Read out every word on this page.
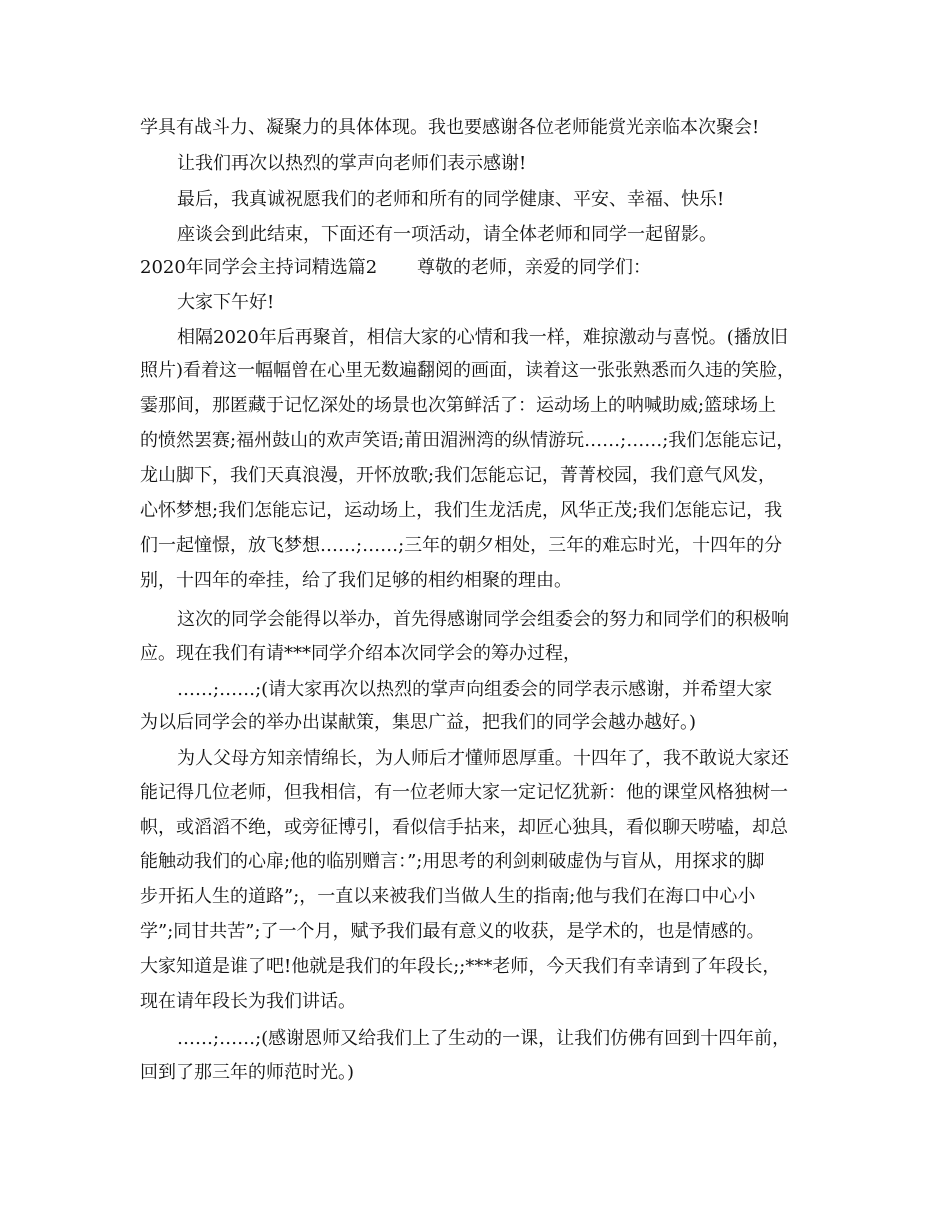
学具有战斗力、凝聚力的具体体现。我也要感谢各位老师能赏光亲临本次聚会!
让我们再次以热烈的掌声向老师们表示感谢!
最后，我真诚祝愿我们的老师和所有的同学健康、平安、幸福、快乐!
座谈会到此结束，下面还有一项活动，请全体老师和同学一起留影。
2020年同学会主持词精选篇2 尊敬的老师，亲爱的同学们：
大家下午好!
相隔2020年后再聚首，相信大家的心情和我一样，难掠激动与喜悦。(播放旧
照片)看着这一幅幅曾在心里无数遍翻阅的画面，读着这一张张熟悉而久违的笑脸，
霎那间，那匿藏于记忆深处的场景也次第鲜活了：运动场上的呐喊助威;篮球场上
的愤然罢赛;福州鼓山的欢声笑语;莆田湄洲湾的纵情游玩……;……;我们怎能忘记，
龙山脚下，我们天真浪漫，开怀放歌;我们怎能忘记，菁菁校园，我们意气风发，
心怀梦想;我们怎能忘记，运动场上，我们生龙活虎，风华正茂;我们怎能忘记，我
们一起憧憬，放飞梦想……;……;三年的朝夕相处，三年的难忘时光，十四年的分
别，十四年的牵挂，给了我们足够的相约相聚的理由。
这次的同学会能得以举办，首先得感谢同学会组委会的努力和同学们的积极响
应。现在我们有请***同学介绍本次同学会的筹办过程，
……;……;(请大家再次以热烈的掌声向组委会的同学表示感谢，并希望大家
为以后同学会的举办出谋献策，集思广益，把我们的同学会越办越好。)
为人父母方知亲情绵长，为人师后才懂师恩厚重。十四年了，我不敢说大家还
能记得几位老师，但我相信，有一位老师大家一定记忆犹新：他的课堂风格独树一
帜，或滔滔不绝，或旁征博引，看似信手拈来，却匠心独具，看似聊天唠嗑，却总
能触动我们的心扉;他的临别赠言：”;用思考的利剑刺破虚伪与盲从，用探求的脚
步开拓人生的道路”;，一直以来被我们当做人生的指南;他与我们在海口中心小
学”;同甘共苦”;了一个月，赋予我们最有意义的收获，是学术的，也是情感的。
大家知道是谁了吧!他就是我们的年段长;;***老师，今天我们有幸请到了年段长，
现在请年段长为我们讲话。
……;……;(感谢恩师又给我们上了生动的一课，让我们仿佛有回到十四年前，
回到了那三年的师范时光。)
